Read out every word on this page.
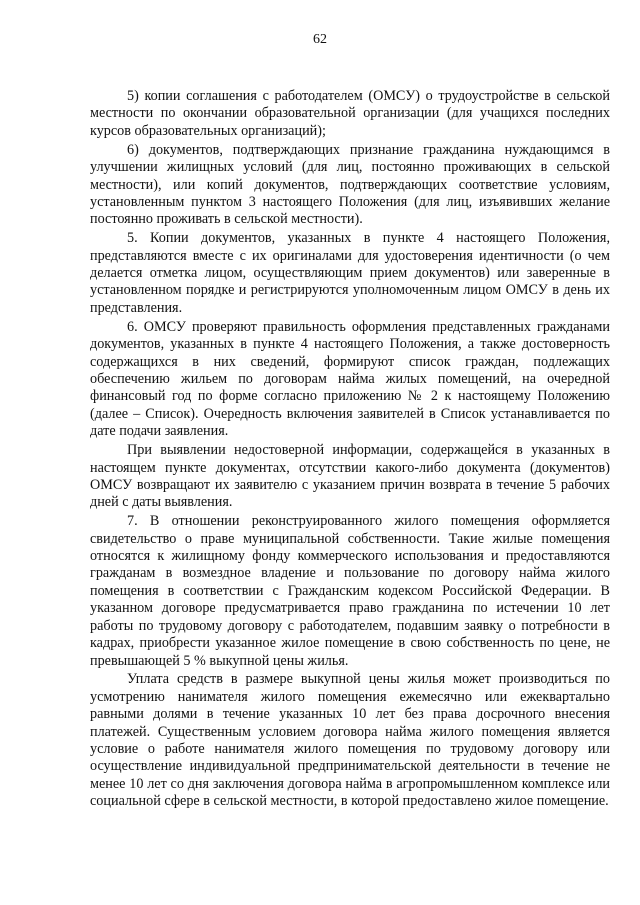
62

5) копии соглашения с работодателем (ОМСУ) о трудоустройстве в сельской местности по окончании образовательной организации (для учащихся последних курсов образовательных организаций);

6) документов, подтверждающих признание гражданина нуждающимся в улучшении жилищных условий (для лиц, постоянно проживающих в сельской местности), или копий документов, подтверждающих соответствие условиям, установленным пунктом 3 настоящего Положения (для лиц, изъявивших желание постоянно проживать в сельской местности).

5. Копии документов, указанных в пункте 4 настоящего Положения, представляются вместе с их оригиналами для удостоверения идентичности (о чем делается отметка лицом, осуществляющим прием документов) или заверенные в установленном порядке и регистрируются уполномоченным лицом ОМСУ в день их представления.

6. ОМСУ проверяют правильность оформления представленных гражданами документов, указанных в пункте 4 настоящего Положения, а также достоверность содержащихся в них сведений, формируют список граждан, подлежащих обеспечению жильем по договорам найма жилых помещений, на очередной финансовый год по форме согласно приложению № 2 к настоящему Положению (далее – Список). Очередность включения заявителей в Список устанавливается по дате подачи заявления.

При выявлении недостоверной информации, содержащейся в указанных в настоящем пункте документах, отсутствии какого-либо документа (документов) ОМСУ возвращают их заявителю с указанием причин возврата в течение 5 рабочих дней с даты выявления.

7. В отношении реконструированного жилого помещения оформляется свидетельство о праве муниципальной собственности. Такие жилые помещения относятся к жилищному фонду коммерческого использования и предоставляются гражданам в возмездное владение и пользование по договору найма жилого помещения в соответствии с Гражданским кодексом Российской Федерации. В указанном договоре предусматривается право гражданина по истечении 10 лет работы по трудовому договору с работодателем, подавшим заявку о потребности в кадрах, приобрести указанное жилое помещение в свою собственность по цене, не превышающей 5 % выкупной цены жилья.

Уплата средств в размере выкупной цены жилья может производиться по усмотрению нанимателя жилого помещения ежемесячно или ежеквартально равными долями в течение указанных 10 лет без права досрочного внесения платежей. Существенным условием договора найма жилого помещения является условие о работе нанимателя жилого помещения по трудовому договору или осуществление индивидуальной предпринимательской деятельности в течение не менее 10 лет со дня заключения договора найма в агропромышленном комплексе или социальной сфере в сельской местности, в которой предоставлено жилое помещение.
